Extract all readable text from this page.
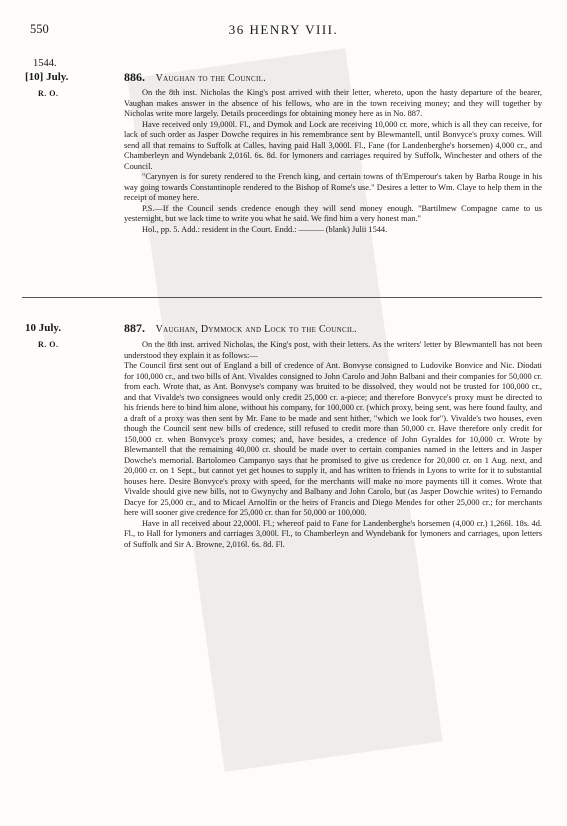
550	36 HENRY VIII.
1544.
[10] July.
R. O.
886. Vaughan to the Council.

On the 8th inst. Nicholas the King's post arrived with their letter, whereto, upon the hasty departure of the bearer, Vaughan makes answer in the absence of his fellows, who are in the town receiving money; and they will together by Nicholas write more largely. Details proceedings for obtaining money here as in No. 887.

Have received only 19,000l. Fl., and Dymok and Lock are receiving 10,000 cr. more, which is all they can receive, for lack of such order as Jasper Dowche requires in his remembrance sent by Blewmantell, until Bonvyce's proxy comes. Will send all that remains to Suffolk at Calles, having paid Hall 3,000l. Fl., Fane (for Landenberghe's horsemen) 4,000 cr., and Chamberleyn and Wyndebank 2,016l. 6s. 8d. for lymoners and carriages required by Suffolk, Winchester and others of the Council.

"Carynyen is for surety rendered to the French king, and certain towns of th'Emperour's taken by Barba Rouge in his way going towards Constantinople rendered to the Bishop of Rome's use." Desires a letter to Wm. Claye to help them in the receipt of money here.

P.S.—If the Council sends credence enough they will send money enough. "Bartilmew Compagne came to us yesternight, but we lack time to write you what he said. We find him a very honest man."

Hol., pp. 5. Add.: resident in the Court. Endd.: ——— (blank) Julii 1544.

10 July.
R. O.
887. Vaughan, Dymmock and Lock to the Council.

On the 8th inst. arrived Nicholas, the King's post, with their letters. As the writers' letter by Blewmantell has not been understood they explain it as follows:—

The Council first sent out of England a bill of credence of Ant. Bonvyse consigned to Ludovike Bonvice and Nic. Diodati for 100,000 cr., and two bills of Ant. Vivaldes consigned to John Carolo and John Balbani and their companies for 50,000 cr. from each. Wrote that, as Ant. Bonvyse's company was bruited to be dissolved, they would not be trusted for 100,000 cr., and that Vivalde's two consignees would only credit 25,000 cr. a-piece; and therefore Bonvyce's proxy must be directed to his friends here to bind him alone, without his company, for 100,000 cr. (which proxy, being sent, was here found faulty, and a draft of a proxy was then sent by Mr. Fane to be made and sent hither, "which we look for"). Vivalde's two houses, even though the Council sent new bills of credence, still refused to credit more than 50,000 cr. Have therefore only credit for 150,000 cr. when Bonvyce's proxy comes; and, have besides, a credence of John Gyraldes for 10,000 cr. Wrote by Blewmantell that the remaining 40,000 cr. should be made over to certain companies named in the letters and in Jasper Dowche's memorial. Bartolomeo Campanyo says that he promised to give us credence for 20,000 cr. on 1 Aug. next, and 20,000 cr. on 1 Sept., but cannot yet get houses to supply it, and has written to friends in Lyons to write for it to substantial houses here. Desire Bonvyce's proxy with speed, for the merchants will make no more payments till it comes. Wrote that Vivalde should give new bills, not to Gwynychy and Balbany and John Carolo, but (as Jasper Dowchie writes) to Fernando Dacye for 25,000 cr., and to Micael Arnolfin or the heirs of Francis and Diego Mendes for other 25,000 cr.; for merchants here will sooner give credence for 25,000 cr. than for 50,000 or 100,000.

Have in all received about 22,000l. Fl.; whereof paid to Fane for Landenberghe's horsemen (4,000 cr.) 1,266l. 18s. 4d. Fl., to Hall for lymoners and carriages 3,000l. Fl., to Chamberleyn and Wyndebank for lymoners and carriages, upon letters of Suffolk and Sir A. Browne, 2,016l. 6s. 8d. Fl.
